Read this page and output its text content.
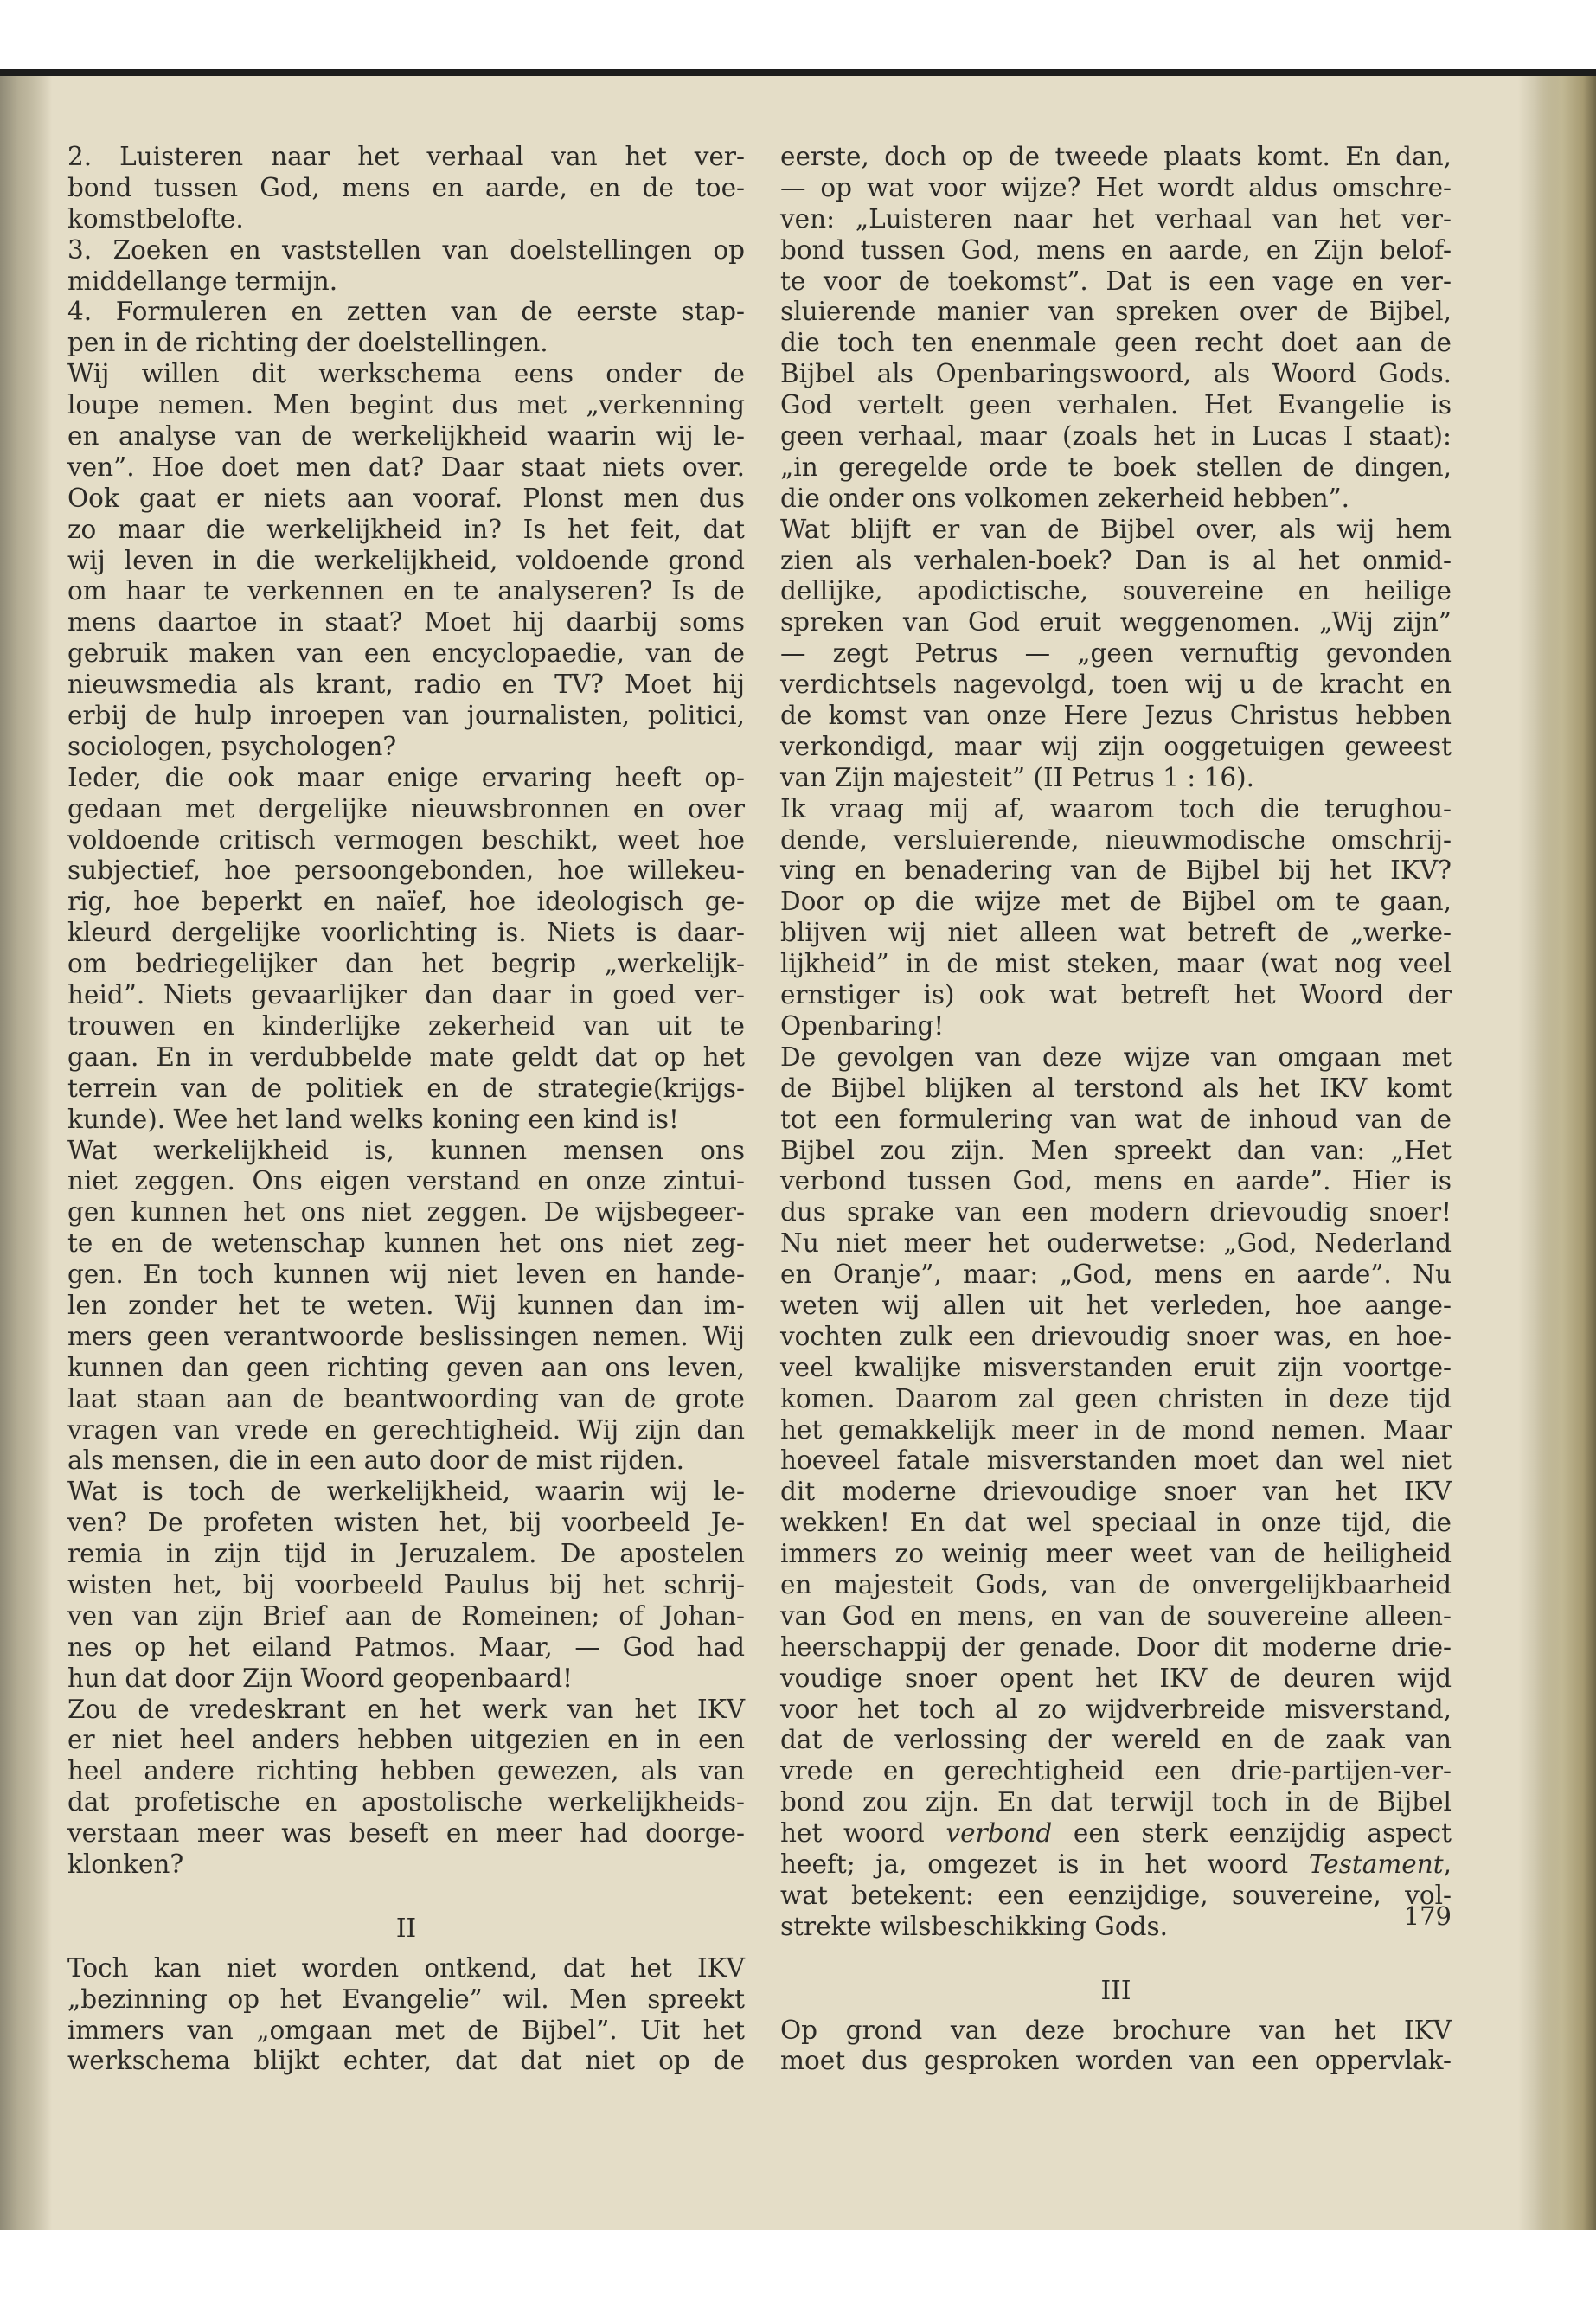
2. Luisteren naar het verhaal van het ver-
bond tussen God, mens en aarde, en de toe-
komstbelofte.
3. Zoeken en vaststellen van doelstellingen op
middellange termijn.
4. Formuleren en zetten van de eerste stap-
pen in de richting der doelstellingen.
Wij willen dit werkschema eens onder de
loupe nemen. Men begint dus met „verkenning
en analyse van de werkelijkheid waarin wij le-
ven”. Hoe doet men dat? Daar staat niets over.
Ook gaat er niets aan vooraf. Plonst men dus
zo maar die werkelijkheid in? Is het feit, dat
wij leven in die werkelijkheid, voldoende grond
om haar te verkennen en te analyseren? Is de
mens daartoe in staat? Moet hij daarbij soms
gebruik maken van een encyclopaedie, van de
nieuwsmedia als krant, radio en TV? Moet hij
erbij de hulp inroepen van journalisten, politici,
sociologen, psychologen?
Ieder, die ook maar enige ervaring heeft op-
gedaan met dergelijke nieuwsbronnen en over
voldoende critisch vermogen beschikt, weet hoe
subjectief, hoe persoongebonden, hoe willekeu-
rig, hoe beperkt en naïef, hoe ideologisch ge-
kleurd dergelijke voorlichting is. Niets is daar-
om bedriegelijker dan het begrip „werkelijk-
heid”. Niets gevaarlijker dan daar in goed ver-
trouwen en kinderlijke zekerheid van uit te
gaan. En in verdubbelde mate geldt dat op het
terrein van de politiek en de strategie(krijgs-
kunde). Wee het land welks koning een kind is!
Wat werkelijkheid is, kunnen mensen ons
niet zeggen. Ons eigen verstand en onze zintui-
gen kunnen het ons niet zeggen. De wijsbegeer-
te en de wetenschap kunnen het ons niet zeg-
gen. En toch kunnen wij niet leven en hande-
len zonder het te weten. Wij kunnen dan im-
mers geen verantwoorde beslissingen nemen. Wij
kunnen dan geen richting geven aan ons leven,
laat staan aan de beantwoording van de grote
vragen van vrede en gerechtigheid. Wij zijn dan
als mensen, die in een auto door de mist rijden.
Wat is toch de werkelijkheid, waarin wij le-
ven? De profeten wisten het, bij voorbeeld Je-
remia in zijn tijd in Jeruzalem. De apostelen
wisten het, bij voorbeeld Paulus bij het schrij-
ven van zijn Brief aan de Romeinen; of Johan-
nes op het eiland Patmos. Maar, — God had
hun dat door Zijn Woord geopenbaard!
Zou de vredeskrant en het werk van het IKV
er niet heel anders hebben uitgezien en in een
heel andere richting hebben gewezen, als van
dat profetische en apostolische werkelijkheids-
verstaan meer was beseft en meer had doorge-
klonken?
II
Toch kan niet worden ontkend, dat het IKV
„bezinning op het Evangelie” wil. Men spreekt
immers van „omgaan met de Bijbel”. Uit het
werkschema blijkt echter, dat dat niet op de
eerste, doch op de tweede plaats komt. En dan,
— op wat voor wijze? Het wordt aldus omschre-
ven: „Luisteren naar het verhaal van het ver-
bond tussen God, mens en aarde, en Zijn belof-
te voor de toekomst”. Dat is een vage en ver-
sluierende manier van spreken over de Bijbel,
die toch ten enenmale geen recht doet aan de
Bijbel als Openbaringswoord, als Woord Gods.
God vertelt geen verhalen. Het Evangelie is
geen verhaal, maar (zoals het in Lucas I staat):
„in geregelde orde te boek stellen de dingen,
die onder ons volkomen zekerheid hebben”.
Wat blijft er van de Bijbel over, als wij hem
zien als verhalen-boek? Dan is al het onmid-
dellijke, apodictische, souvereine en heilige
spreken van God eruit weggenomen. „Wij zijn”
— zegt Petrus — „geen vernuftig gevonden
verdichtsels nagevolgd, toen wij u de kracht en
de komst van onze Here Jezus Christus hebben
verkondigd, maar wij zijn ooggetuigen geweest
van Zijn majesteit” (II Petrus 1 : 16).
Ik vraag mij af, waarom toch die terughou-
dende, versluierende, nieuwmodische omschrij-
ving en benadering van de Bijbel bij het IKV?
Door op die wijze met de Bijbel om te gaan,
blijven wij niet alleen wat betreft de „werke-
lijkheid” in de mist steken, maar (wat nog veel
ernstiger is) ook wat betreft het Woord der
Openbaring!
De gevolgen van deze wijze van omgaan met
de Bijbel blijken al terstond als het IKV komt
tot een formulering van wat de inhoud van de
Bijbel zou zijn. Men spreekt dan van: „Het
verbond tussen God, mens en aarde”. Hier is
dus sprake van een modern drievoudig snoer!
Nu niet meer het ouderwetse: „God, Nederland
en Oranje”, maar: „God, mens en aarde”. Nu
weten wij allen uit het verleden, hoe aange-
vochten zulk een drievoudig snoer was, en hoe-
veel kwalijke misverstanden eruit zijn voortge-
komen. Daarom zal geen christen in deze tijd
het gemakkelijk meer in de mond nemen. Maar
hoeveel fatale misverstanden moet dan wel niet
dit moderne drievoudige snoer van het IKV
wekken! En dat wel speciaal in onze tijd, die
immers zo weinig meer weet van de heiligheid
en majesteit Gods, van de onvergelijkbaarheid
van God en mens, en van de souvereine alleen-
heerschappij der genade. Door dit moderne drie-
voudige snoer opent het IKV de deuren wijd
voor het toch al zo wijdverbreide misverstand,
dat de verlossing der wereld en de zaak van
vrede en gerechtigheid een drie-partijen-ver-
bond zou zijn. En dat terwijl toch in de Bijbel
het woord verbond een sterk eenzijdig aspect
heeft; ja, omgezet is in het woord Testament,
wat betekent: een eenzijdige, souvereine, vol-
strekte wilsbeschikking Gods.
III
Op grond van deze brochure van het IKV
moet dus gesproken worden van een oppervlak-
179
